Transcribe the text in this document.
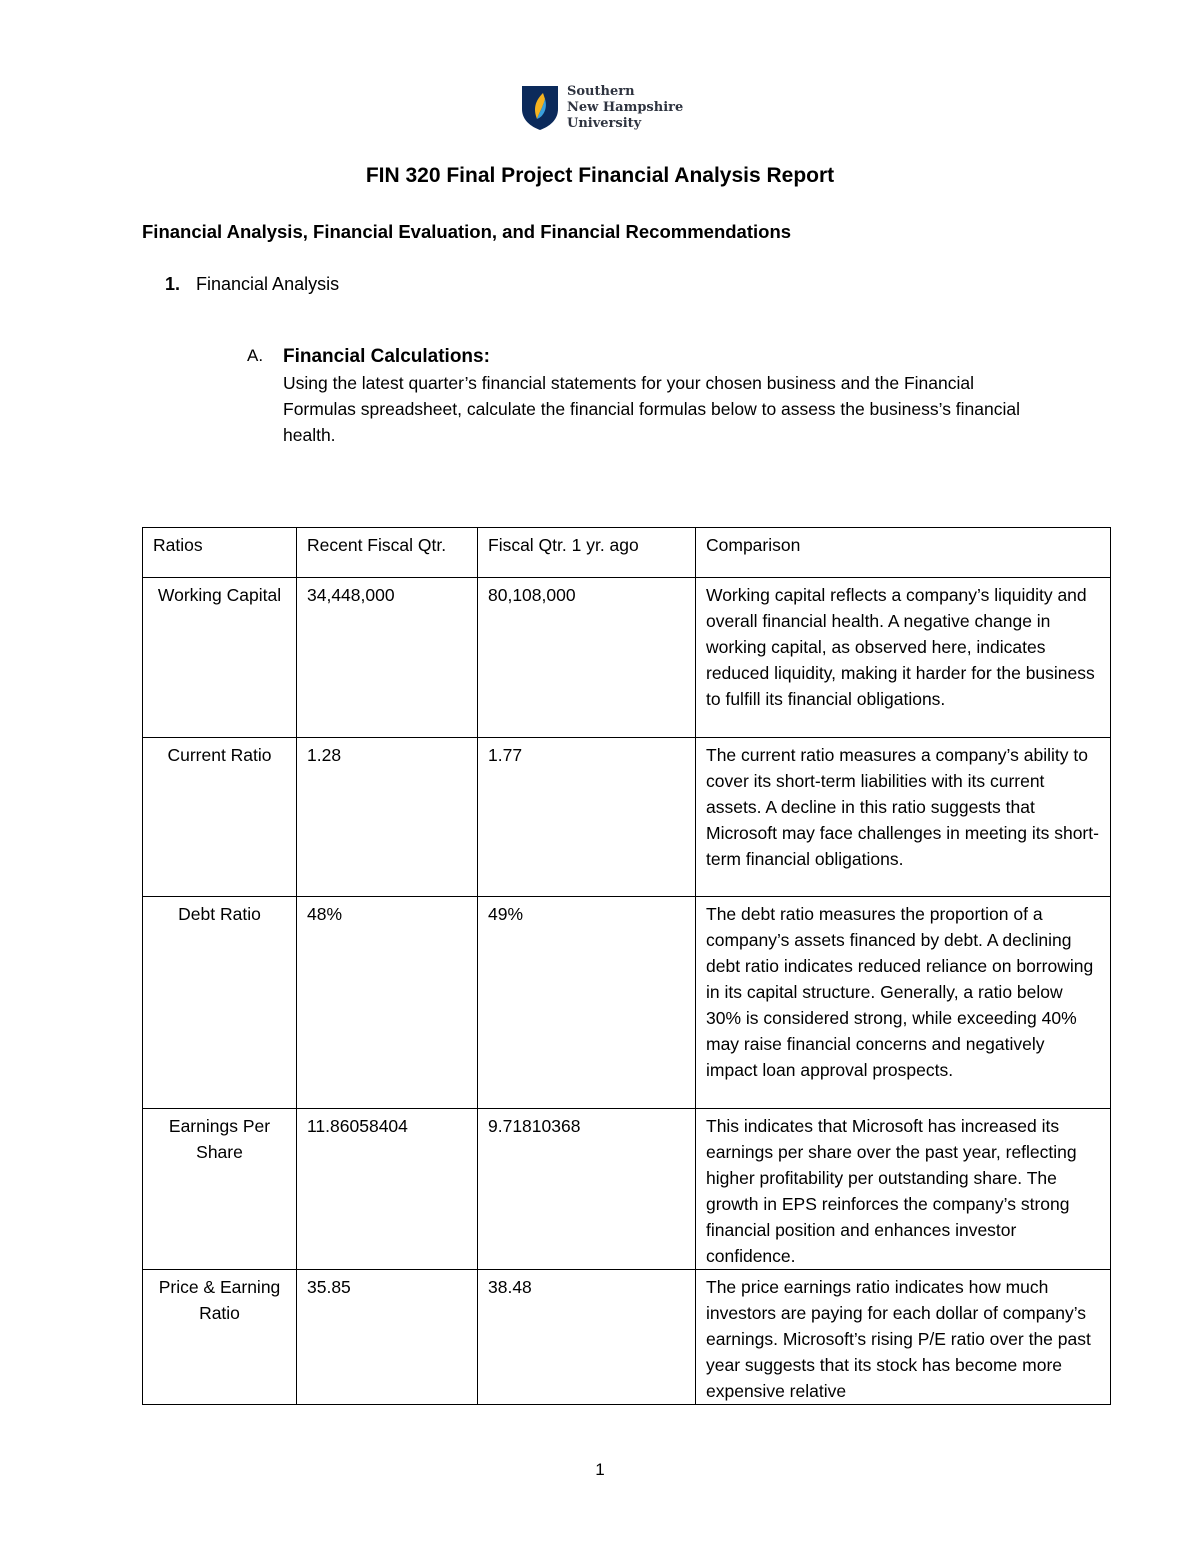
Southern
New Hampshire
University
FIN 320 Final Project Financial Analysis Report
Financial Analysis, Financial Evaluation, and Financial Recommendations
1. Financial Analysis
A. Financial Calculations:
Using the latest quarter’s financial statements for your chosen business and the Financial Formulas spreadsheet, calculate the financial formulas below to assess the business’s financial health.
Ratios	Recent Fiscal Qtr.	Fiscal Qtr. 1 yr. ago	Comparison
Working Capital	34,448,000	80,108,000	Working capital reflects a company’s liquidity and overall financial health. A negative change in working capital, as observed here, indicates reduced liquidity, making it harder for the business to fulfill its financial obligations.
Current Ratio	1.28	1.77	The current ratio measures a company’s ability to cover its short-term liabilities with its current assets. A decline in this ratio suggests that Microsoft may face challenges in meeting its short-term financial obligations.
Debt Ratio	48%	49%	The debt ratio measures the proportion of a company’s assets financed by debt. A declining debt ratio indicates reduced reliance on borrowing in its capital structure. Generally, a ratio below 30% is considered strong, while exceeding 40% may raise financial concerns and negatively impact loan approval prospects.
Earnings Per Share	11.86058404	9.71810368	This indicates that Microsoft has increased its earnings per share over the past year, reflecting higher profitability per outstanding share. The growth in EPS reinforces the company’s strong financial position and enhances investor confidence.
Price & Earning Ratio	35.85	38.48	The price earnings ratio indicates how much investors are paying for each dollar of company’s earnings. Microsoft’s rising P/E ratio over the past year suggests that its stock has become more expensive relative
1
